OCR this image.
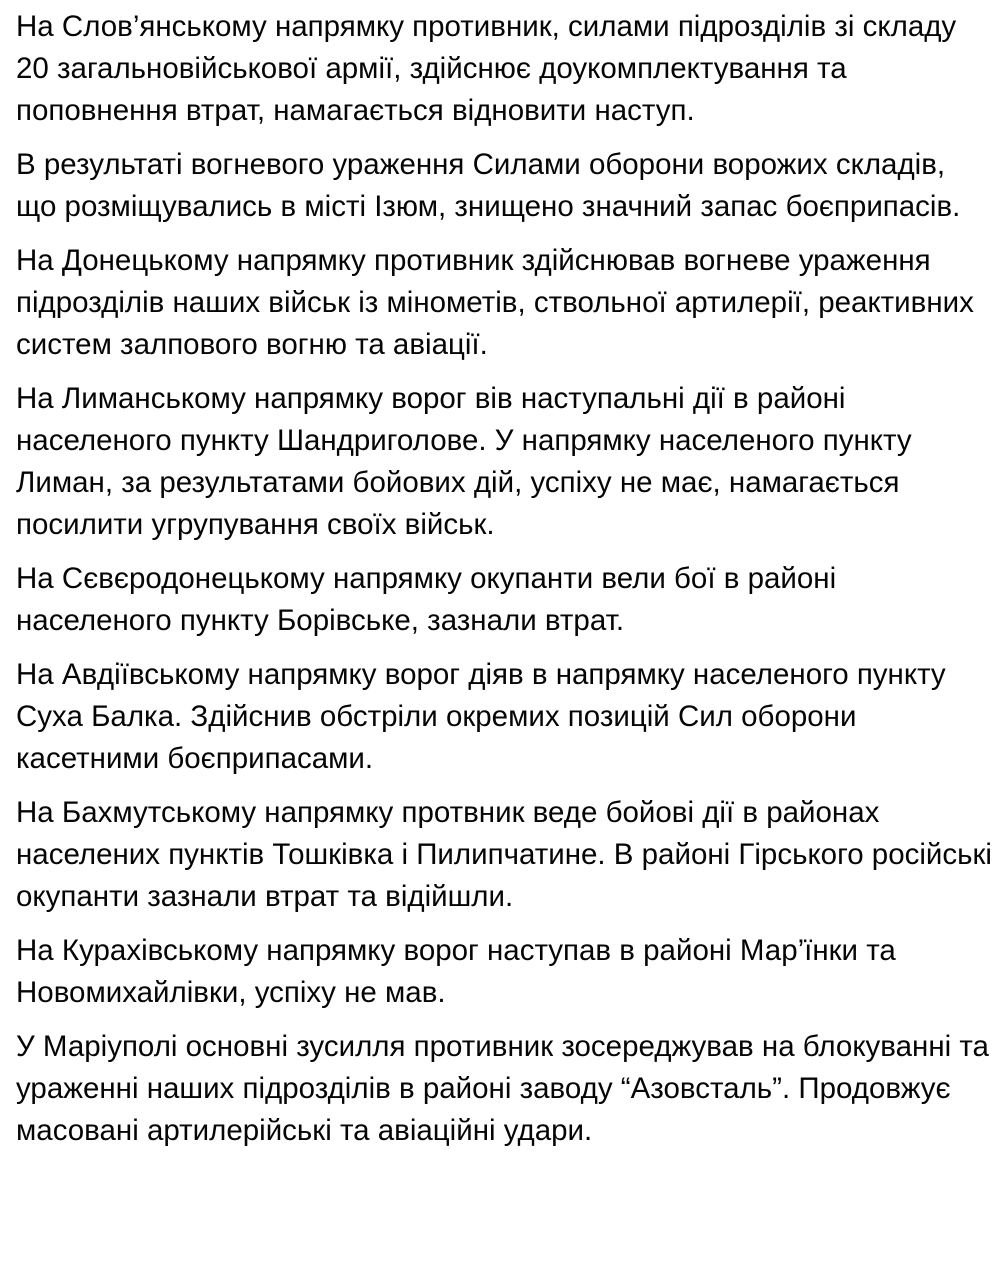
На Слов’янському напрямку противник, силами підрозділів зі складу
20 загальновійськової армії, здійснює доукомплектування та поповнення втрат, намагається відновити наступ.

В результаті вогневого ураження Силами оборони ворожих складів, що розміщувались в місті Ізюм, знищено значний запас боєприпасів.

На Донецькому напрямку противник здійснював вогневе ураження підрозділів наших військ із мінометів, ствольної артилерії, реактивних систем залпового вогню та авіації.

На Лиманському напрямку ворог вів наступальні дії в районі населеного пункту Шандриголове. У напрямку населеного пункту Лиман, за результатами бойових дій, успіху не має, намагається посилити угрупування своїх військ.

На Сєвєродонецькому напрямку окупанти вели бої в районі населеного пункту Борівське, зазнали втрат.

На Авдіївському напрямку ворог діяв в напрямку населеного пункту Суха Балка. Здійснив обстріли окремих позицій Сил оборони касетними боєприпасами.

На Бахмутському напрямку протвник веде бойові дії в районах населених пунктів Тошківка і Пилипчатине. В районі Гірського російські окупанти зазнали втрат та відійшли.

На Курахівському напрямку ворог наступав в районі Мар’їнки та Новомихайлівки, успіху не мав.

У Маріуполі основні зусилля противник зосереджував на блокуванні та ураженні наших підрозділів в районі заводу “Азовсталь”. Продовжує масовані артилерійські та авіаційні удари.
